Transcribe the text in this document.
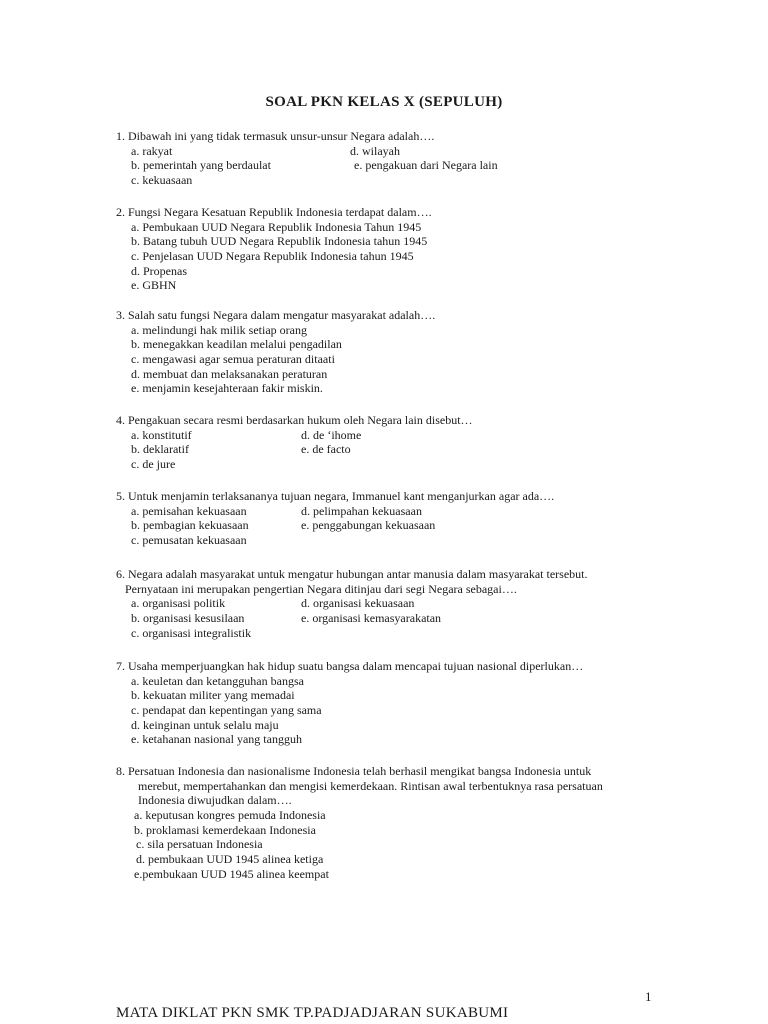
SOAL PKN KELAS X (SEPULUH)
1. Dibawah ini yang tidak termasuk unsur-unsur Negara adalah….
a. rakyat	d. wilayah
b. pemerintah yang berdaulat	e. pengakuan dari Negara lain
c. kekuasaan
2. Fungsi Negara Kesatuan Republik Indonesia terdapat dalam….
a. Pembukaan UUD Negara Republik Indonesia Tahun 1945
b. Batang tubuh UUD Negara Republik Indonesia tahun 1945
c. Penjelasan UUD Negara Republik Indonesia tahun 1945
d. Propenas
e. GBHN
3. Salah satu fungsi Negara dalam mengatur masyarakat adalah….
a. melindungi hak milik setiap orang
b. menegakkan keadilan melalui pengadilan
c. mengawasi agar semua peraturan ditaati
d. membuat dan melaksanakan peraturan
e. menjamin kesejahteraan fakir miskin.
4. Pengakuan secara resmi berdasarkan hukum oleh Negara lain disebut…
a. konstitutif	d. de ‘ihome
b. deklaratif	e. de facto
c. de jure
5. Untuk menjamin terlaksananya tujuan negara, Immanuel kant menganjurkan agar ada….
a. pemisahan kekuasaan	d. pelimpahan kekuasaan
b. pembagian kekuasaan	e. penggabungan kekuasaan
c. pemusatan kekuasaan
6. Negara adalah masyarakat untuk mengatur hubungan antar manusia dalam masyarakat tersebut.
Pernyataan ini merupakan pengertian Negara ditinjau dari segi Negara sebagai….
a. organisasi politik	d. organisasi kekuasaan
b. organisasi kesusilaan	e. organisasi kemasyarakatan
c. organisasi integralistik
7. Usaha memperjuangkan hak hidup suatu bangsa dalam mencapai tujuan nasional diperlukan…
a. keuletan dan ketangguhan bangsa
b. kekuatan militer yang memadai
c. pendapat dan kepentingan yang sama
d. keinginan untuk selalu maju
e. ketahanan nasional yang tangguh
8. Persatuan Indonesia dan nasionalisme Indonesia telah berhasil mengikat bangsa Indonesia untuk
merebut, mempertahankan dan mengisi kemerdekaan. Rintisan awal terbentuknya rasa persatuan
Indonesia diwujudkan dalam….
a. keputusan kongres pemuda Indonesia
b. proklamasi kemerdekaan Indonesia
c. sila persatuan Indonesia
d. pembukaan UUD 1945 alinea ketiga
e.pembukaan UUD 1945 alinea keempat
1
MATA DIKLAT PKN SMK TP.PADJADJARAN SUKABUMI
